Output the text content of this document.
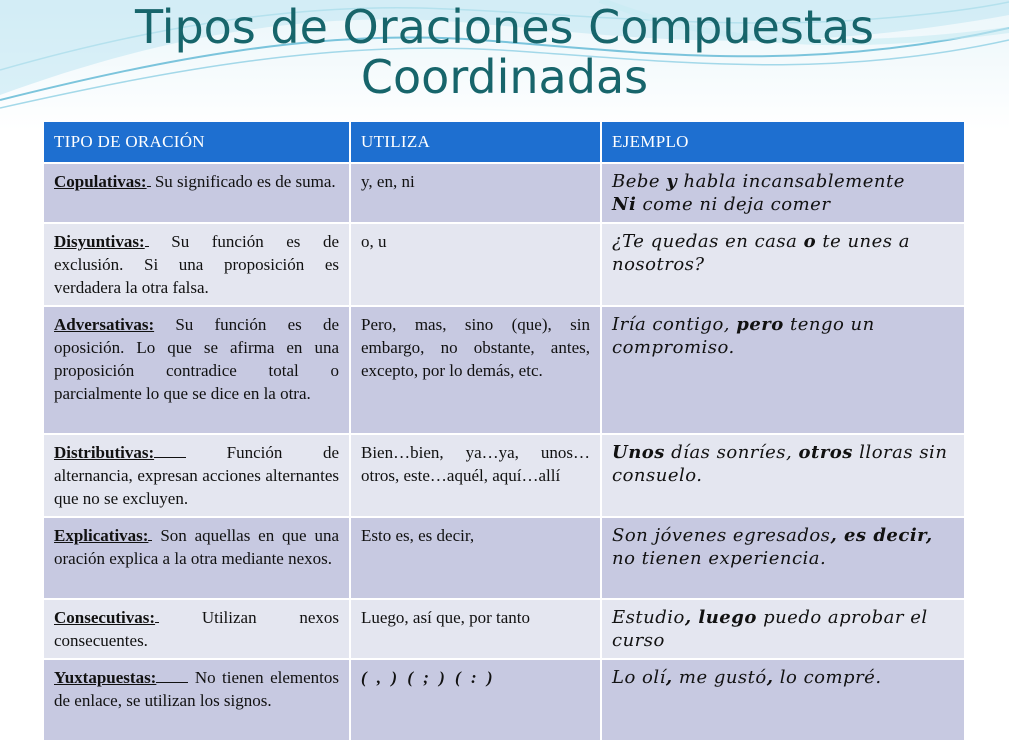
Tipos de Oraciones Compuestas
Coordinadas
TIPO DE ORACIÓN	UTILIZA	EJEMPLO
Copulativas: Su significado es de suma.	y, en, ni	Bebe y habla incansablemente
Ni come ni deja comer
Disyuntivas: Su función es de exclusión. Si una proposición es verdadera la otra falsa.	o, u	¿Te quedas en casa o te unes a nosotros?
Adversativas: Su función es de oposición. Lo que se afirma en una proposición contradice total o parcialmente lo que se dice en la otra.	Pero, mas, sino (que), sin embargo, no obstante, antes, excepto, por lo demás, etc.	Iría contigo, pero tengo un compromiso.
Distributivas: Función de alternancia, expresan acciones alternantes que no se excluyen.	Bien…bien, ya…ya, unos…otros, este…aquél, aquí…allí	Unos días sonríes, otros lloras sin consuelo.
Explicativas: Son aquellas en que una oración explica a la otra mediante nexos.	Esto es, es decir,	Son jóvenes egresados, es decir, no tienen experiencia.
Consecutivas: Utilizan nexos consecuentes.	Luego, así que, por tanto	Estudio, luego puedo aprobar el curso
Yuxtapuestas: No tienen elementos de enlace, se utilizan los signos.	( , ) ( ; ) ( : )	Lo olí, me gustó, lo compré.
